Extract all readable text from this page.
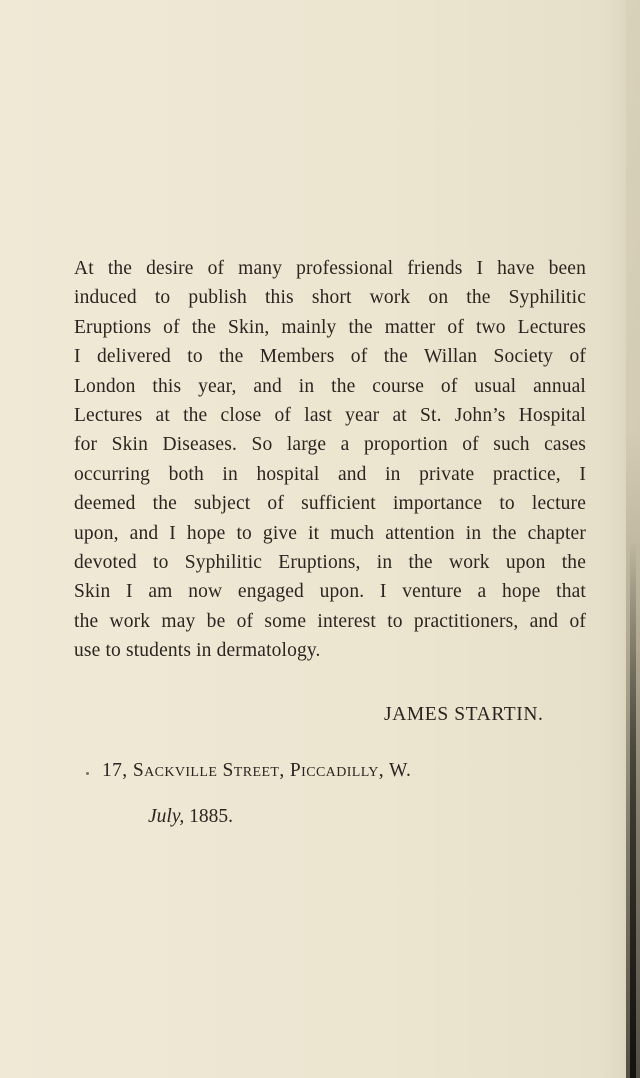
At the desire of many professional friends I have been
induced to publish this short work on the Syphilitic
Eruptions of the Skin, mainly the matter of two Lectures
I delivered to the Members of the Willan Society of
London this year, and in the course of usual annual
Lectures at the close of last year at St. John’s Hospital
for Skin Diseases. So large a proportion of such cases
occurring both in hospital and in private practice, I
deemed the subject of sufficient importance to lecture
upon, and I hope to give it much attention in the chapter
devoted to Syphilitic Eruptions, in the work upon the
Skin I am now engaged upon. I venture a hope that
the work may be of some interest to practitioners, and of
use to students in dermatology.
JAMES STARTIN.
17, Sackville Street, Piccadilly, W.
July, 1885.
